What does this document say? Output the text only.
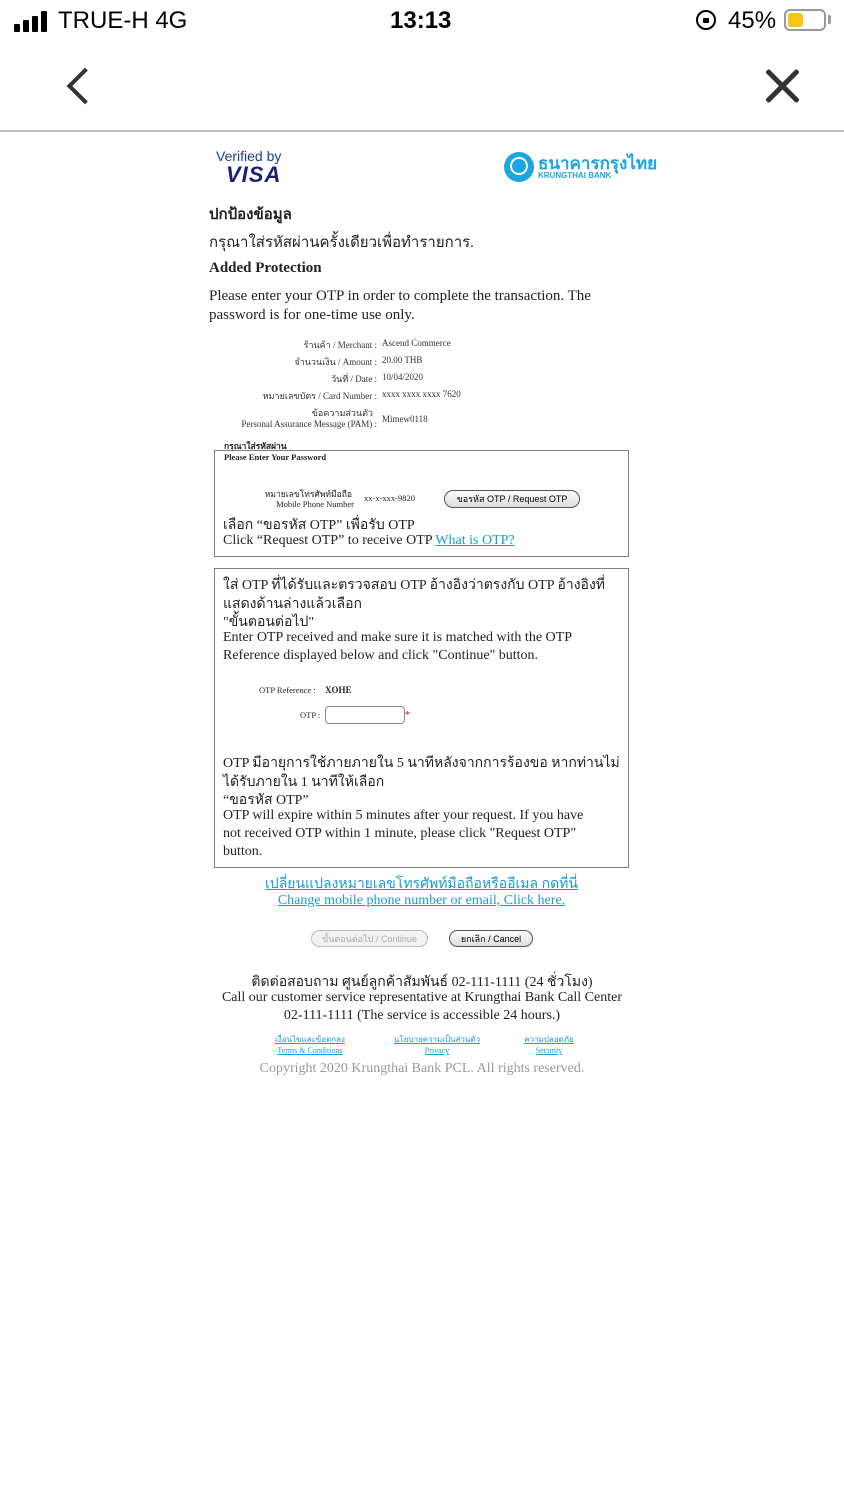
TRUE-H 4G	13:13	45%
Verified by
VISA	ธนาคารกรุงไทย
KRUNGTHAI BANK
ปกป้องข้อมูล
กรุณาใส่รหัสผ่านครั้งเดียวเพื่อทำรายการ.
Added Protection
Please enter your OTP in order to complete the transaction. The
password is for one-time use only.
ร้านค้า / Merchant : Ascend Commerce
จำนวนเงิน / Amount : 20.00 THB
วันที่ / Date : 10/04/2020
หมายเลขบัตร / Card Number : xxxx xxxx xxxx 7620
ข้อความส่วนตัว
Personal Assurance Message (PAM) : Mimew0118
กรุณาใส่รหัสผ่าน
Please Enter Your Password
หมายเลขโทรศัพท์มือถือ
Mobile Phone Number
xx-x-xxx-9820	ขอรหัส OTP / Request OTP
เลือก “ขอรหัส OTP” เพื่อรับ OTP
Click “Request OTP” to receive OTP What is OTP?
ใส่ OTP ที่ได้รับและตรวจสอบ OTP อ้างอิงว่าตรงกับ OTP อ้างอิงที่
แสดงด้านล่างแล้วเลือก
"ขั้นตอนต่อไป"
Enter OTP received and make sure it is matched with the OTP
Reference displayed below and click "Continue" button.
OTP Reference : XOHE
OTP :	*
OTP มีอายุการใช้ภายภายใน 5 นาทีหลังจากการร้องขอ หากท่านไม่
ได้รับภายใน 1 นาทีให้เลือก
“ขอรหัส OTP”
OTP will expire within 5 minutes after your request. If you have
not received OTP within 1 minute, please click "Request OTP"
button.
เปลี่ยนแปลงหมายเลขโทรศัพท์มือถือหรืออีเมล กดที่นี่
Change mobile phone number or email, Click here.
ขั้นตอนต่อไป / Continue	ยกเลิก / Cancel
ติดต่อสอบถาม ศูนย์ลูกค้าสัมพันธ์ 02-111-1111 (24 ชั่วโมง)
Call our customer service representative at Krungthai Bank Call Center
02-111-1111 (The service is accessible 24 hours.)
เงื่อนไขและข้อตกลง
Terms & Conditions
นโยบายความเป็นส่วนตัว
Privacy
ความปลอดภัย
Security
Copyright 2020 Krungthai Bank PCL. All rights reserved.
